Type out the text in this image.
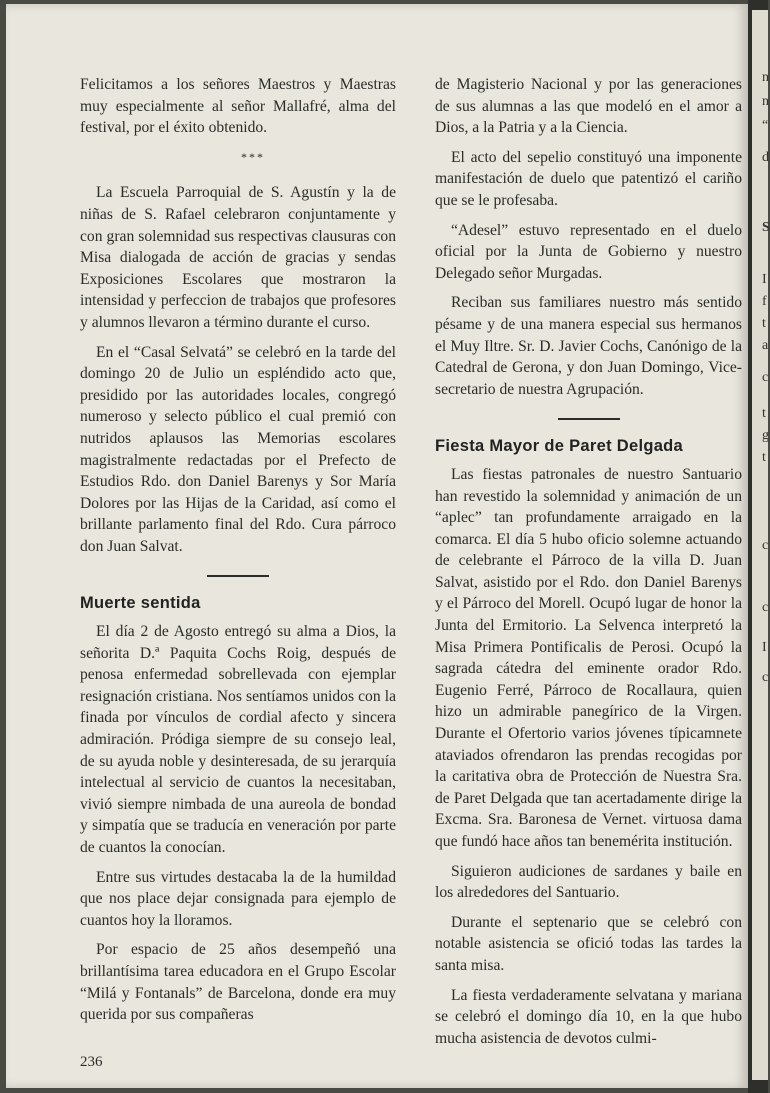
n
n
“
d
S
I
f
t
a
c
t
g
t
c
c
I
c

Felicitamos a los señores Maestros y Maestras muy especialmente al señor Mallafré, alma del festival, por el éxito obtenido.

***

La Escuela Parroquial de S. Agustín y la de niñas de S. Rafael celebraron conjuntamente y con gran solemnidad sus respectivas clausuras con Misa dialogada de acción de gracias y sendas Exposiciones Escolares que mostraron la intensidad y perfeccion de trabajos que profesores y alumnos llevaron a término durante el curso.

En el “Casal Selvatá” se celebró en la tarde del domingo 20 de Julio un espléndido acto que, presidido por las autoridades locales, congregó numeroso y selecto público el cual premió con nutridos aplausos las Memorias escolares magistralmente redactadas por el Prefecto de Estudios Rdo. don Daniel Barenys y Sor María Dolores por las Hijas de la Caridad, así como el brillante parlamento final del Rdo. Cura párroco don Juan Salvat.

Muerte sentida

El día 2 de Agosto entregó su alma a Dios, la señorita D.ª Paquita Cochs Roig, después de penosa enfermedad sobrellevada con ejemplar resignación cristiana. Nos sentíamos unidos con la finada por vínculos de cordial afecto y sincera admiración. Pródiga siempre de su consejo leal, de su ayuda noble y desinteresada, de su jerarquía intelectual al servicio de cuantos la necesitaban, vivió siempre nimbada de una aureola de bondad y simpatía que se traducía en veneración por parte de cuantos la conocían.

Entre sus virtudes destacaba la de la humildad que nos place dejar consignada para ejemplo de cuantos hoy la lloramos.

Por espacio de 25 años desempeñó una brillantísima tarea educadora en el Grupo Escolar “Milá y Fontanals” de Barcelona, donde era muy querida por sus compañeras

de Magisterio Nacional y por las generaciones de sus alumnas a las que modeló en el amor a Dios, a la Patria y a la Ciencia.

El acto del sepelio constituyó una imponente manifestación de duelo que patentizó el cariño que se le profesaba.

“Adesel” estuvo representado en el duelo oficial por la Junta de Gobierno y nuestro Delegado señor Murgadas.

Reciban sus familiares nuestro más sentido pésame y de una manera especial sus hermanos el Muy Iltre. Sr. D. Javier Cochs, Canónigo de la Catedral de Gerona, y don Juan Domingo, Vice-secretario de nuestra Agrupación.

Fiesta Mayor de Paret Delgada

Las fiestas patronales de nuestro Santuario han revestido la solemnidad y animación de un “aplec” tan profundamente arraigado en la comarca. El día 5 hubo oficio solemne actuando de celebrante el Párroco de la villa D. Juan Salvat, asistido por el Rdo. don Daniel Barenys y el Párroco del Morell. Ocupó lugar de honor la Junta del Ermitorio. La Selvenca interpretó la Misa Primera Pontificalis de Perosi. Ocupó la sagrada cátedra del eminente orador Rdo. Eugenio Ferré, Párroco de Rocallaura, quien hizo un admirable panegírico de la Virgen. Durante el Ofertorio varios jóvenes típicamnete ataviados ofrendaron las prendas recogidas por la caritativa obra de Protección de Nuestra Sra. de Paret Delgada que tan acertadamente dirige la Excma. Sra. Baronesa de Vernet. virtuosa dama que fundó hace años tan benemérita institución.

Siguieron audiciones de sardanes y baile en los alrededores del Santuario.

Durante el septenario que se celebró con notable asistencia se ofició todas las tardes la santa misa.

La fiesta verdaderamente selvatana y mariana se celebró el domingo día 10, en la que hubo mucha asistencia de devotos culmi-

236
